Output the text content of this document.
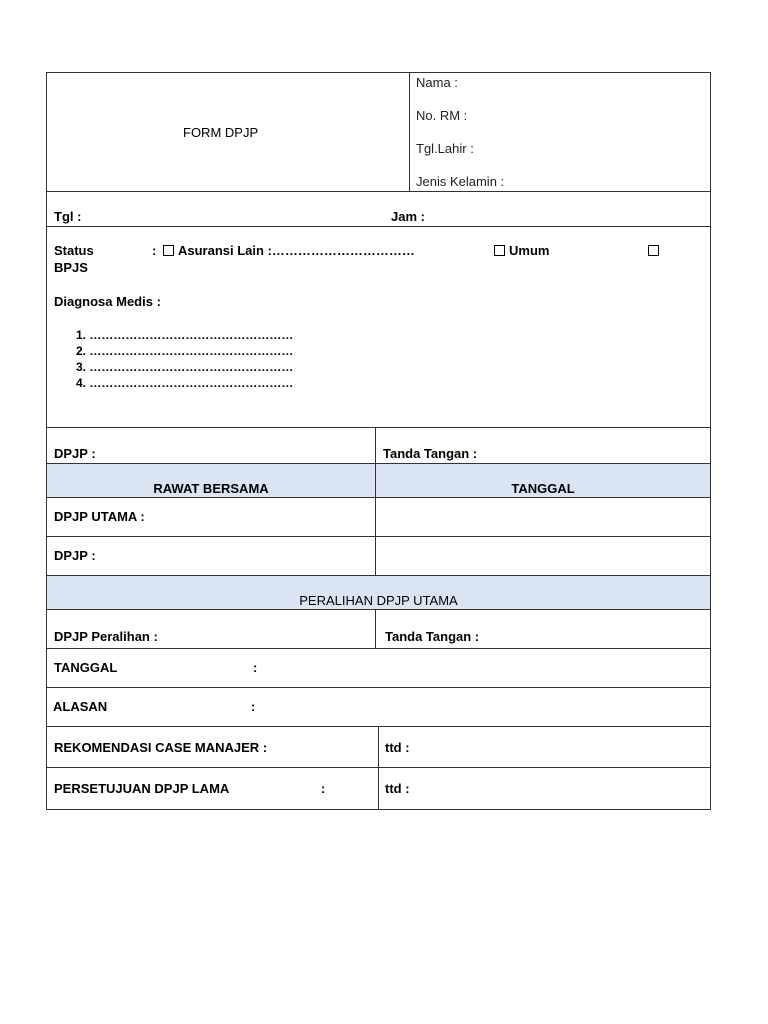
FORM DPJP
Nama :
No. RM :
Tgl.Lahir :
Jenis Kelamin :
Tgl :	Jam :
Status	:	Asuransi Lain :……………………………	Umum
BPJS
Diagnosa Medis :
1. ……………………………………………
2. ……………………………………………
3. ……………………………………………
4. ……………………………………………
DPJP :	Tanda Tangan :
RAWAT BERSAMA	TANGGAL
DPJP UTAMA :
DPJP :
PERALIHAN DPJP UTAMA
DPJP Peralihan :	Tanda Tangan :
TANGGAL	:
ALASAN	:
REKOMENDASI CASE MANAJER :	ttd :
PERSETUJUAN DPJP LAMA	:	ttd :
